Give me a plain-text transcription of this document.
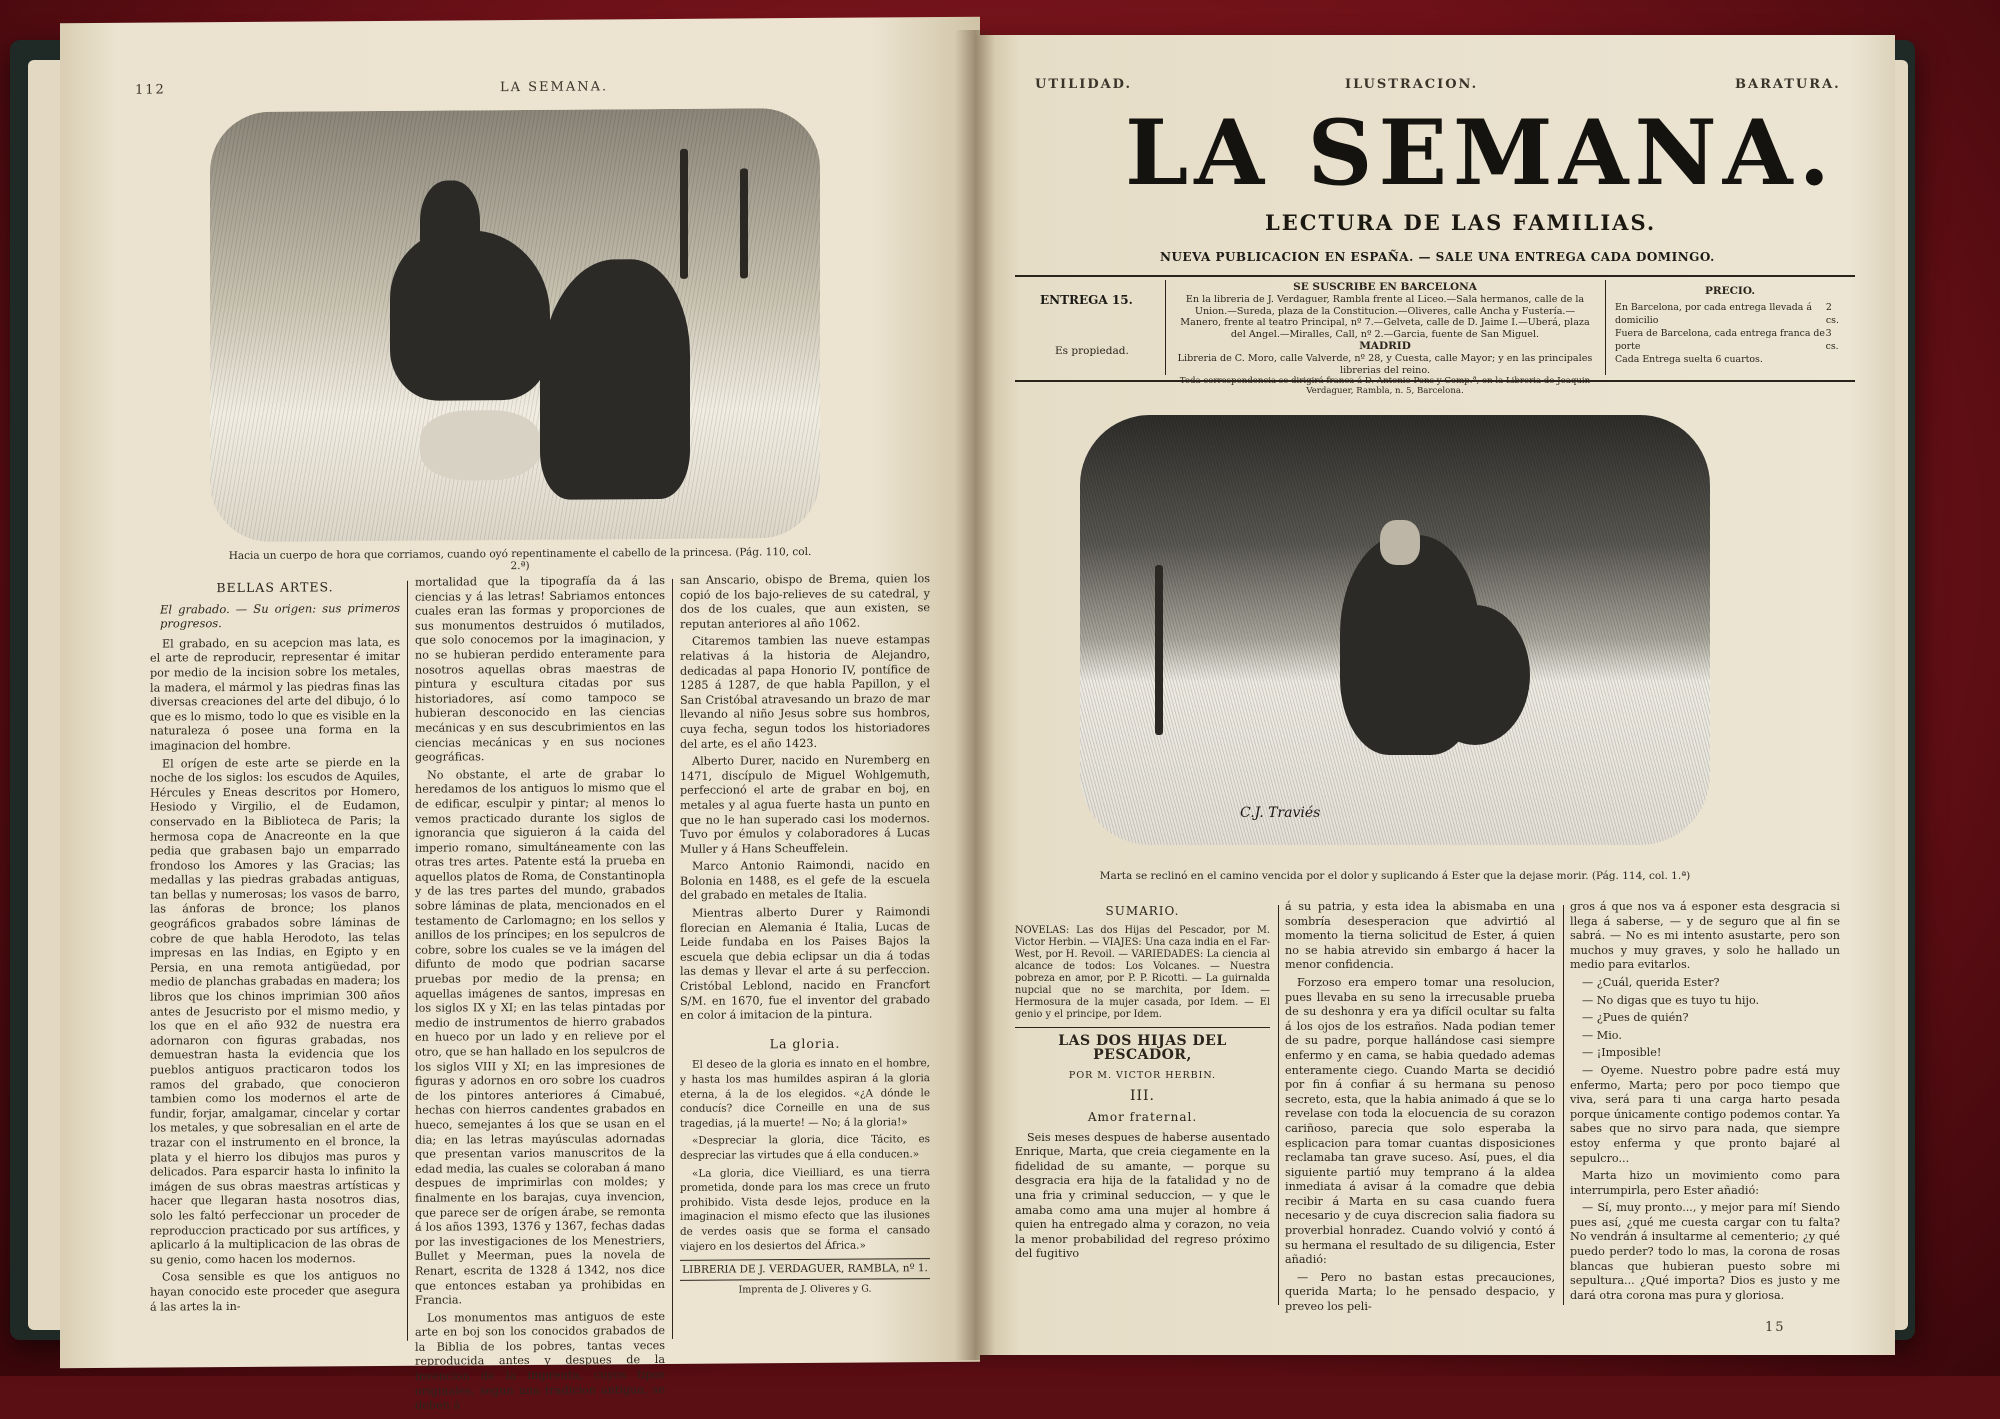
112	LA SEMANA.
Hacia un cuerpo de hora que corriamos, cuando oyó repentinamente el cabello de la princesa. (Pág. 110, col. 2.ª)
BELLAS ARTES.
El grabado. — Su origen: sus primeros progresos.

El grabado, en su acepcion mas lata, es el arte de reproducir, representar é imitar por medio de la incision sobre los metales, la madera, el mármol y las piedras finas las diversas creaciones del arte del dibujo, ó lo que es lo mismo, todo lo que es visible en la naturaleza ó posee una forma en la imaginacion del hombre.

El orígen de este arte se pierde en la noche de los siglos: los escudos de Aquiles, Hércules y Eneas descritos por Homero, Hesiodo y Virgilio, el de Eudamon, conservado en la Biblioteca de Paris; la hermosa copa de Anacreonte en la que pedia que grabasen bajo un emparrado frondoso los Amores y las Gracias; las medallas y las piedras grabadas antiguas, tan bellas y numerosas; los vasos de barro, las ánforas de bronce; los planos geográficos grabados sobre láminas de cobre de que habla Herodoto, las telas impresas en las Indias, en Egipto y en Persia, en una remota antigüedad, por medio de planchas grabadas en madera; los libros que los chinos imprimian 300 años antes de Jesucristo por el mismo medio, y los que en el año 932 de nuestra era adornaron con figuras grabadas, nos demuestran hasta la evidencia que los pueblos antiguos practicaron todos los ramos del grabado, que conocieron tambien como los modernos el arte de fundir, forjar, amalgamar, cincelar y cortar los metales, y que sobresalian en el arte de trazar con el instrumento en el bronce, la plata y el hierro los dibujos mas puros y delicados. Para esparcir hasta lo infinito la imágen de sus obras maestras artísticas y hacer que llegaran hasta nosotros dias, solo les faltó perfeccionar un proceder de reproduccion practicado por sus artífices, y aplicarlo á la multiplicacion de las obras de su genio, como hacen los modernos.

Cosa sensible es que los antiguos no hayan conocido este proceder que asegura á las artes la in-

mortalidad que la tipografía da á las ciencias y á las letras! Sabriamos entonces cuales eran las formas y proporciones de sus monumentos destruidos ó mutilados, que solo conocemos por la imaginacion, y no se hubieran perdido enteramente para nosotros aquellas obras maestras de pintura y escultura citadas por sus historiadores, así como tampoco se hubieran desconocido en las ciencias mecánicas y en sus descubrimientos en las ciencias mecánicas y en sus nociones geográficas.

No obstante, el arte de grabar lo heredamos de los antiguos lo mismo que el de edificar, esculpir y pintar; al menos lo vemos practicado durante los siglos de ignorancia que siguieron á la caida del imperio romano, simultáneamente con las otras tres artes. Patente está la prueba en aquellos platos de Roma, de Constantinopla y de las tres partes del mundo, grabados sobre láminas de plata, mencionados en el testamento de Carlomagno; en los sellos y anillos de los príncipes; en los sepulcros de cobre, sobre los cuales se ve la imágen del difunto de modo que podrian sacarse pruebas por medio de la prensa; en aquellas imágenes de santos, impresas en los siglos IX y XI; en las telas pintadas por medio de instrumentos de hierro grabados en hueco por un lado y en relieve por el otro, que se han hallado en los sepulcros de los siglos VIII y XI; en las impresiones de figuras y adornos en oro sobre los cuadros de los pintores anteriores á Cimabué, hechas con hierros candentes grabados en hueco, semejantes á los que se usan en el dia; en las letras mayúsculas adornadas que presentan varios manuscritos de la edad media, las cuales se coloraban á mano despues de imprimirlas con moldes; y finalmente en los barajas, cuya invencion, que parece ser de orígen árabe, se remonta á los años 1393, 1376 y 1367, fechas dadas por las investigaciones de los Menestriers, Bullet y Meerman, pues la novela de Renart, escrita de 1328 á 1342, nos dice que entonces estaban ya prohibidas en Francia.

Los monumentos mas antiguos de este arte en boj son los conocidos grabados de la Biblia de los pobres, tantas veces reproducida antes y despues de la invencion de la imprenta, cuyos tipos originales, segun una tradicion antigua, se deben á

san Anscario, obispo de Brema, quien los copió de los bajo-relieves de su catedral, y dos de los cuales, que aun existen, se reputan anteriores al año 1062.

Citaremos tambien las nueve estampas relativas á la historia de Alejandro, dedicadas al papa Honorio IV, pontífice de 1285 á 1287, de que habla Papillon, y el San Cristóbal atravesando un brazo de mar llevando al niño Jesus sobre sus hombros, cuya fecha, segun todos los historiadores del arte, es el año 1423.

Alberto Durer, nacido en Nuremberg en 1471, discípulo de Miguel Wohlgemuth, perfeccionó el arte de grabar en boj, en metales y al agua fuerte hasta un punto en que no le han superado casi los modernos. Tuvo por émulos y colaboradores á Lucas Muller y á Hans Scheuffelein.

Marco Antonio Raimondi, nacido en Bolonia en 1488, es el gefe de la escuela del grabado en metales de Italia.

Mientras alberto Durer y Raimondi florecian en Alemania é Italia, Lucas de Leide fundaba en los Paises Bajos la escuela que debia eclipsar un dia á todas las demas y llevar el arte á su perfeccion. Cristóbal Leblond, nacido en Francfort S/M. en 1670, fue el inventor del grabado en color á imitacion de la pintura.

La gloria.

El deseo de la gloria es innato en el hombre, y hasta los mas humildes aspiran á la gloria eterna, á la de los elegidos. «¿A dónde le conducís? dice Corneille en una de sus tragedias, ¡á la muerte! — No; á la gloria!»

«Despreciar la gloria, dice Tácito, es despreciar las virtudes que á ella conducen.»

«La gloria, dice Vieilliard, es una tierra prometida, donde para los mas crece un fruto prohibido. Vista desde lejos, produce en la imaginacion el mismo efecto que las ilusiones de verdes oasis que se forma el cansado viajero en los desiertos del África.»

LIBRERIA DE J. VERDAGUER, RAMBLA, nº 1.
Imprenta de J. Oliveres y G.
UTILIDAD.	ILUSTRACION.	BARATURA.
LA SEMANA.
LECTURA DE LAS FAMILIAS.
NUEVA PUBLICACION EN ESPAÑA. — SALE UNA ENTREGA CADA DOMINGO.
ENTREGA 15.
Es propiedad.
SE SUSCRIBE EN BARCELONA
En la libreria de J. Verdaguer, Rambla frente al Liceo.—Sala hermanos, calle de la Union.—Sureda, plaza de la Constitucion.—Oliveres, calle Ancha y Fustería.—Manero, frente al teatro Principal, nº 7.—Gelveta, calle de D. Jaime I.—Uberá, plaza del Angel.—Miralles, Call, nº 2.—Garcia, fuente de San Miguel.
MADRID
Libreria de C. Moro, calle Valverde, nº 28, y Cuesta, calle Mayor; y en las principales librerias del reino.
Verdaguer, Rambla, n. 5, Barcelona.
PRECIO.
En Barcelona, por cada entrega llevada á domicilio
2 cs.
Fuera de Barcelona, cada entrega franca de porte
3 cs.
Cada Entrega suelta 6 cuartos.
C.J. Traviés
Marta se reclinó en el camino vencida por el dolor y suplicando á Ester que la dejase morir. (Pág. 114, col. 1.ª)
SUMARIO.

NOVELAS: Las dos Hijas del Pescador, por M. Victor Herbin. — VIAJES: Una caza india en el Far-West, por H. Revoil. — VARIEDADES: La ciencia al alcance de todos: Los Volcanes. — Nuestra pobreza en amor, por P. P. Ricotti. — La guirnalda nupcial que no se marchita, por Idem. — Hermosura de la mujer casada, por Idem. — El genio y el principe, por Idem.

LAS DOS HIJAS DEL PESCADOR,
POR M. VICTOR HERBIN.
III.
Amor fraternal.

Seis meses despues de haberse ausentado Enrique, Marta, que creia ciegamente en la fidelidad de su amante, — porque su desgracia era hija de la fatalidad y no de una fria y criminal seduccion, — y que le amaba como ama una mujer al hombre á quien ha entregado alma y corazon, no veia la menor probabilidad del regreso próximo del fugitivo

á su patria, y esta idea la abismaba en una sombría desesperacion que advirtió al momento la tierna solicitud de Ester, á quien no se habia atrevido sin embargo á hacer la menor confidencia.

Forzoso era empero tomar una resolucion, pues llevaba en su seno la irrecusable prueba de su deshonra y era ya difícil ocultar su falta á los ojos de los estraños. Nada podian temer de su padre, porque hallándose casi siempre enfermo y en cama, se habia quedado ademas enteramente ciego. Cuando Marta se decidió por fin á confiar á su hermana su penoso secreto, esta, que la habia animado á que se lo revelase con toda la elocuencia de su corazon cariñoso, parecia que solo esperaba la esplicacion para tomar cuantas disposiciones reclamaba tan grave suceso. Así, pues, el dia siguiente partió muy temprano á la aldea inmediata á avisar á la comadre que debia recibir á Marta en su casa cuando fuera necesario y de cuya discrecion salia fiadora su proverbial honradez. Cuando volvió y contó á su hermana el resultado de su diligencia, Ester añadió:

— Pero no bastan estas precauciones, querida Marta; lo he pensado despacio, y preveo los peli-

gros á que nos va á esponer esta desgracia si llega á saberse, — y de seguro que al fin se sabrá. — No es mi intento asustarte, pero son muchos y muy graves, y solo he hallado un medio para evitarlos.

— ¿Cuál, querida Ester?

— No digas que es tuyo tu hijo.

— ¿Pues de quién?

— Mio.

— ¡Imposible!

— Oyeme. Nuestro pobre padre está muy enfermo, Marta; pero por poco tiempo que viva, será para ti una carga harto pesada porque únicamente contigo podemos contar. Ya sabes que no sirvo para nada, que siempre estoy enferma y que pronto bajaré al sepulcro...

Marta hizo un movimiento como para interrumpirla, pero Ester añadió:

— Sí, muy pronto..., y mejor para mí! Siendo pues así, ¿qué me cuesta cargar con tu falta? No vendrán á insultarme al cementerio; ¿y qué puedo perder? todo lo mas, la corona de rosas blancas que hubieran puesto sobre mi sepultura... ¿Qué importa? Dios es justo y me dará otra corona mas pura y gloriosa.

15
